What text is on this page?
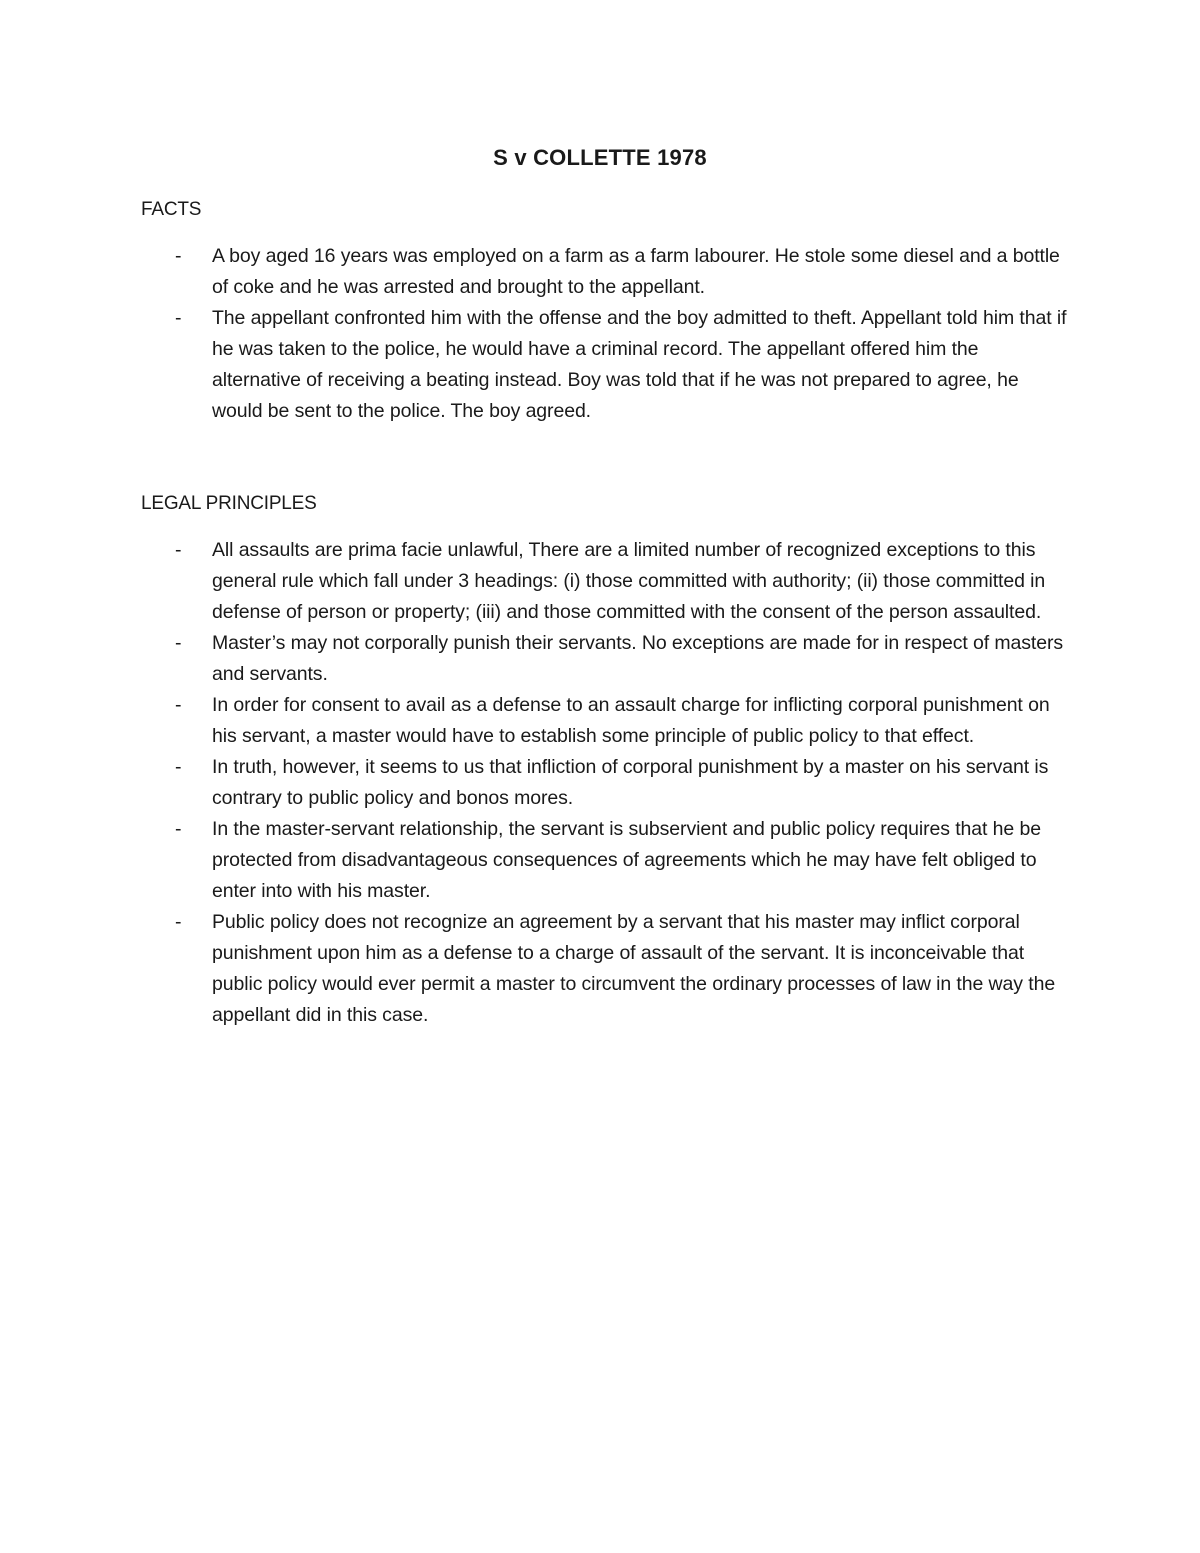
S v COLLETTE 1978
FACTS
- A boy aged 16 years was employed on a farm as a farm labourer. He stole some diesel and a bottle of coke and he was arrested and brought to the appellant.
- The appellant confronted him with the offense and the boy admitted to theft. Appellant told him that if he was taken to the police, he would have a criminal record. The appellant offered him the alternative of receiving a beating instead. Boy was told that if he was not prepared to agree, he would be sent to the police. The boy agreed.
LEGAL PRINCIPLES
- All assaults are prima facie unlawful, There are a limited number of recognized exceptions to this general rule which fall under 3 headings: (i) those committed with authority; (ii) those committed in defense of person or property; (iii) and those committed with the consent of the person assaulted.
- Master’s may not corporally punish their servants. No exceptions are made for in respect of masters and servants.
- In order for consent to avail as a defense to an assault charge for inflicting corporal punishment on his servant, a master would have to establish some principle of public policy to that effect.
- In truth, however, it seems to us that infliction of corporal punishment by a master on his servant is contrary to public policy and bonos mores.
- In the master-servant relationship, the servant is subservient and public policy requires that he be protected from disadvantageous consequences of agreements which he may have felt obliged to enter into with his master.
- Public policy does not recognize an agreement by a servant that his master may inflict corporal punishment upon him as a defense to a charge of assault of the servant. It is inconceivable that public policy would ever permit a master to circumvent the ordinary processes of law in the way the appellant did in this case.
